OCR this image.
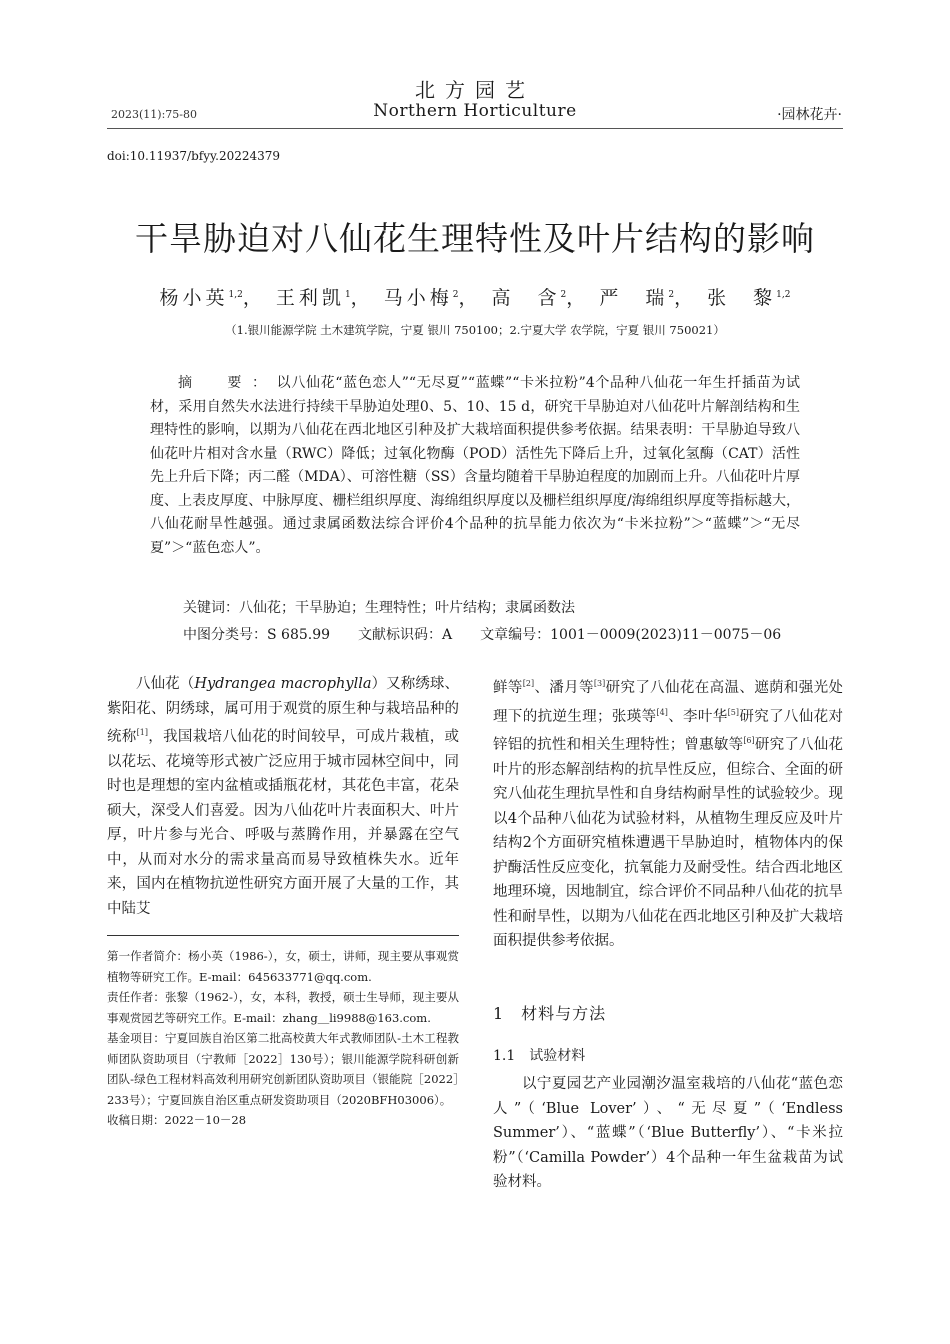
北方园艺
2023(11):75-80	Northern Horticulture	·园林花卉·
doi:10.11937/bfyy.20224379
干旱胁迫对八仙花生理特性及叶片结构的影响
杨小英$^{1,2}$， 王利凯$^1$， 马小梅$^2$， 高　含$^2$， 严　瑞$^2$， 张　黎$^{1,2}$
（1.银川能源学院 土木建筑学院，宁夏 银川 750100；2.宁夏大学 农学院，宁夏 银川 750021）

摘　要：以八仙花“蓝色恋人”“无尽夏”“蓝蝶”“卡米拉粉”4个品种八仙花一年生扦插苗为试材，采用自然失水法进行持续干旱胁迫处理0、5、10、15 d，研究干旱胁迫对八仙花叶片解剖结构和生理特性的影响，以期为八仙花在西北地区引种及扩大栽培面积提供参考依据。结果表明：干旱胁迫导致八仙花叶片相对含水量（RWC）降低；过氧化物酶（POD）活性先下降后上升，过氧化氢酶（CAT）活性先上升后下降；丙二醛（MDA）、可溶性糖（SS）含量均随着干旱胁迫程度的加剧而上升。八仙花叶片厚度、上表皮厚度、中脉厚度、栅栏组织厚度、海绵组织厚度以及栅栏组织厚度/海绵组织厚度等指标越大，八仙花耐旱性越强。通过隶属函数法综合评价4个品种的抗旱能力依次为“卡米拉粉”＞“蓝蝶”＞“无尽夏”＞“蓝色恋人”。

关键词：八仙花；干旱胁迫；生理特性；叶片结构；隶属函数法
中图分类号：S 685.99　　文献标识码：A　　文章编号：1001－0009(2023)11－0075－06

八仙花（Hydrangea macrophylla）又称绣球、紫阳花、阴绣球，属可用于观赏的原生种与栽培品种的统称[1]，我国栽培八仙花的时间较早，可成片栽植，或以花坛、花境等形式被广泛应用于城市园林空间中，同时也是理想的室内盆植或插瓶花材，其花色丰富，花朵硕大，深受人们喜爱。因为八仙花叶片表面积大、叶片厚，叶片参与光合、呼吸与蒸腾作用，并暴露在空气中，从而对水分的需求量高而易导致植株失水。近年来，国内在植物抗逆性研究方面开展了大量的工作，其中陆艾

第一作者简介：杨小英（1986-），女，硕士，讲师，现主要从事观赏植物等研究工作。E-mail：645633771@qq.com.

责任作者：张黎（1962-），女，本科，教授，硕士生导师，现主要从事观赏园艺等研究工作。E-mail：zhang＿li9988@163.com.

基金项目：宁夏回族自治区第二批高校黄大年式教师团队-土木工程教师团队资助项目（宁教师［2022］130号）；银川能源学院科研创新团队-绿色工程材料高效利用研究创新团队资助项目（银能院［2022］233号）；宁夏回族自治区重点研发资助项目（2020BFH03006）。

收稿日期：2022－10－28

鲜等[2]、潘月等[3]研究了八仙花在高温、遮荫和强光处理下的抗逆生理；张瑛等[4]、李叶华[5]研究了八仙花对锌铝的抗性和相关生理特性；曾惠敏等[6]研究了八仙花叶片的形态解剖结构的抗旱性反应，但综合、全面的研究八仙花生理抗旱性和自身结构耐旱性的试验较少。现以4个品种八仙花为试验材料，从植物生理反应及叶片结构2个方面研究植株遭遇干旱胁迫时，植物体内的保护酶活性反应变化，抗氧能力及耐受性。结合西北地区地理环境，因地制宜，综合评价不同品种八仙花的抗旱性和耐旱性，以期为八仙花在西北地区引种及扩大栽培面积提供参考依据。

1　材料与方法
1.1　试验材料

以宁夏园艺产业园潮汐温室栽培的八仙花“蓝色恋人”（‘Blue Lover’）、“无尽夏”（‘Endless Summer’）、“蓝蝶”（‘Blue Butterfly’）、“卡米拉粉”（‘Camilla Powder’）4个品种一年生盆栽苗为试验材料。
